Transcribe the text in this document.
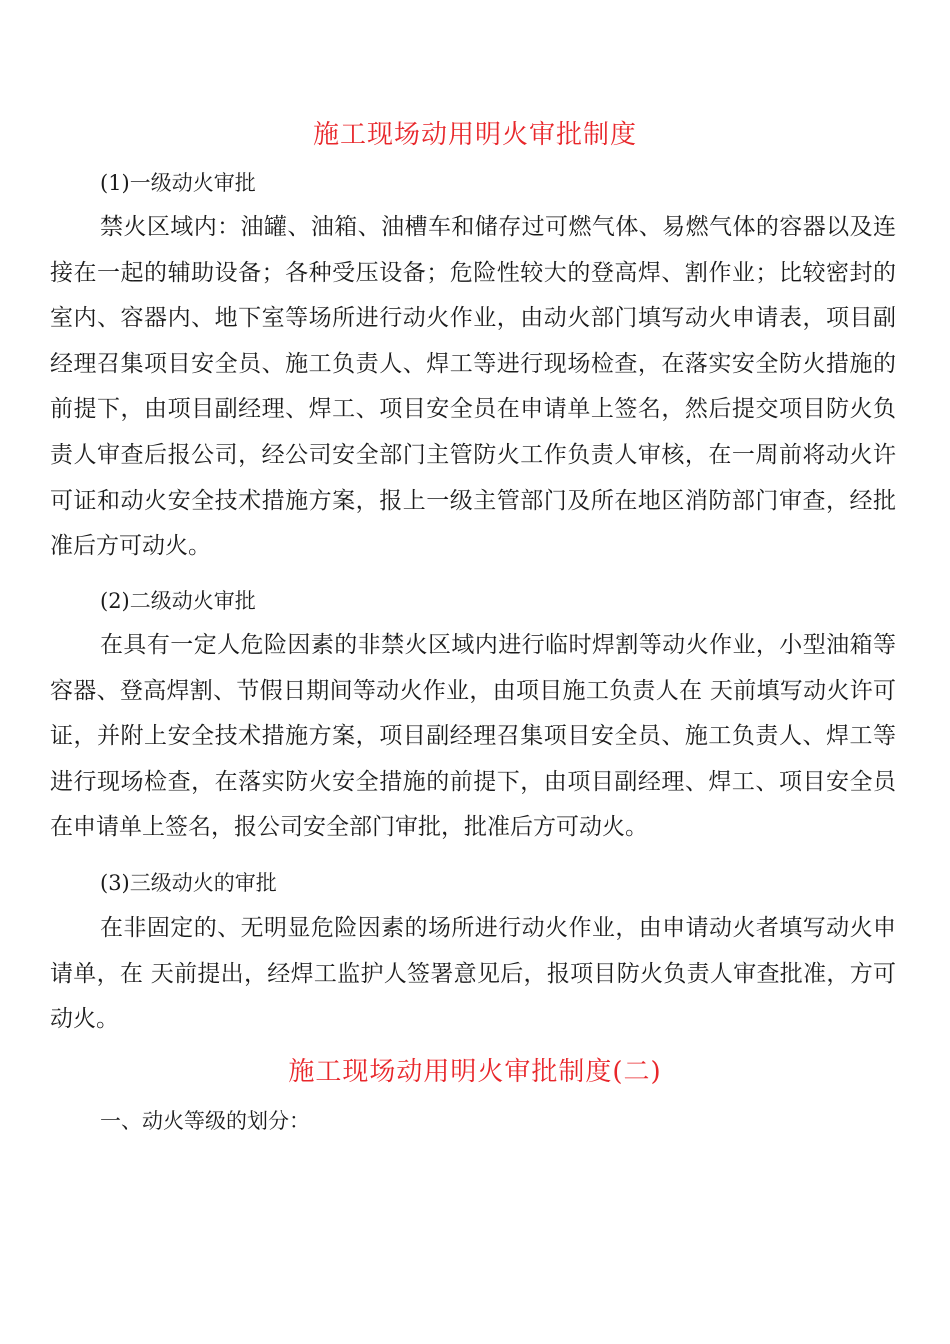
施工现场动用明火审批制度
(1)一级动火审批

禁火区域内：油罐、油箱、油槽车和储存过可燃气体、易燃气体的容器以及连接在一起的辅助设备；各种受压设备；危险性较大的登高焊、割作业；比较密封的室内、容器内、地下室等场所进行动火作业，由动火部门填写动火申请表，项目副经理召集项目安全员、施工负责人、焊工等进行现场检查，在落实安全防火措施的前提下，由项目副经理、焊工、项目安全员在申请单上签名，然后提交项目防火负责人审查后报公司，经公司安全部门主管防火工作负责人审核，在一周前将动火许可证和动火安全技术措施方案，报上一级主管部门及所在地区消防部门审查，经批准后方可动火。

(2)二级动火审批

在具有一定人危险因素的非禁火区域内进行临时焊割等动火作业，小型油箱等容器、登高焊割、节假日期间等动火作业，由项目施工负责人在 天前填写动火许可证，并附上安全技术措施方案，项目副经理召集项目安全员、施工负责人、焊工等进行现场检查，在落实防火安全措施的前提下，由项目副经理、焊工、项目安全员在申请单上签名，报公司安全部门审批，批准后方可动火。

(3)三级动火的审批

在非固定的、无明显危险因素的场所进行动火作业，由申请动火者填写动火申请单，在 天前提出，经焊工监护人签署意见后，报项目防火负责人审查批准，方可动火。

施工现场动用明火审批制度(二)
一、动火等级的划分：
